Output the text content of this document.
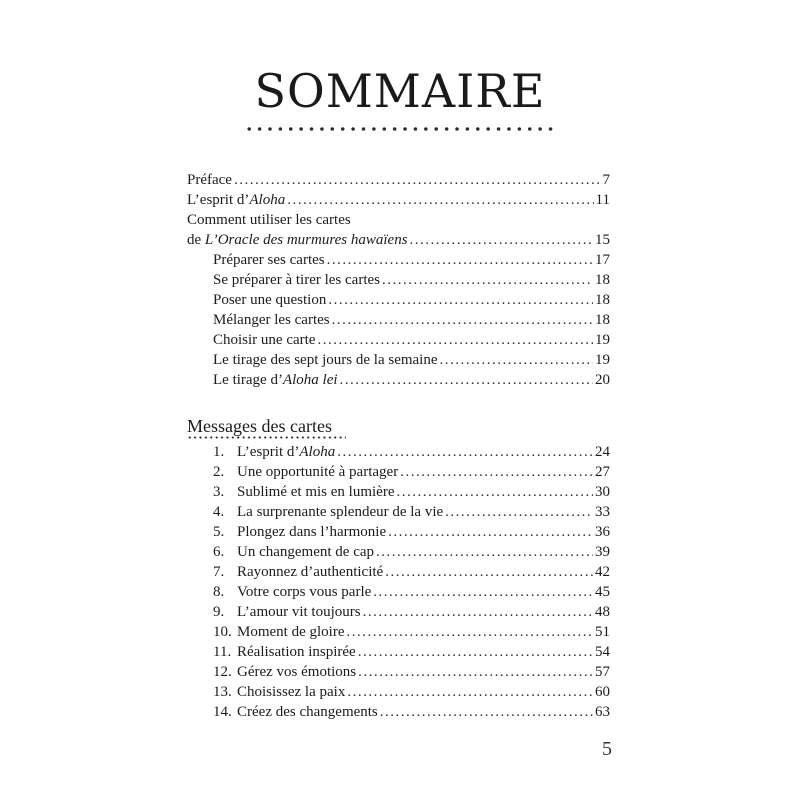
SOMMAIRE
Préface .....	7
L’esprit d’Aloha .....	11
Comment utiliser les cartes
de L’Oracle des murmures hawaïens .....	15
Préparer ses cartes .....	17
Se préparer à tirer les cartes .....	18
Poser une question .....	18
Mélanger les cartes .....	18
Choisir une carte .....	19
Le tirage des sept jours de la semaine .....	19
Le tirage d’Aloha lei .....	20
Messages des cartes
1. L’esprit d’Aloha .....	24
2. Une opportunité à partager .....	27
3. Sublimé et mis en lumière .....	30
4. La surprenante splendeur de la vie .....	33
5. Plongez dans l’harmonie .....	36
6. Un changement de cap .....	39
7. Rayonnez d’authenticité .....	42
8. Votre corps vous parle .....	45
9. L’amour vit toujours .....	48
10. Moment de gloire .....	51
11. Réalisation inspirée .....	54
12. Gérez vos émotions .....	57
13. Choisissez la paix .....	60
14. Créez des changements .....	63
5
